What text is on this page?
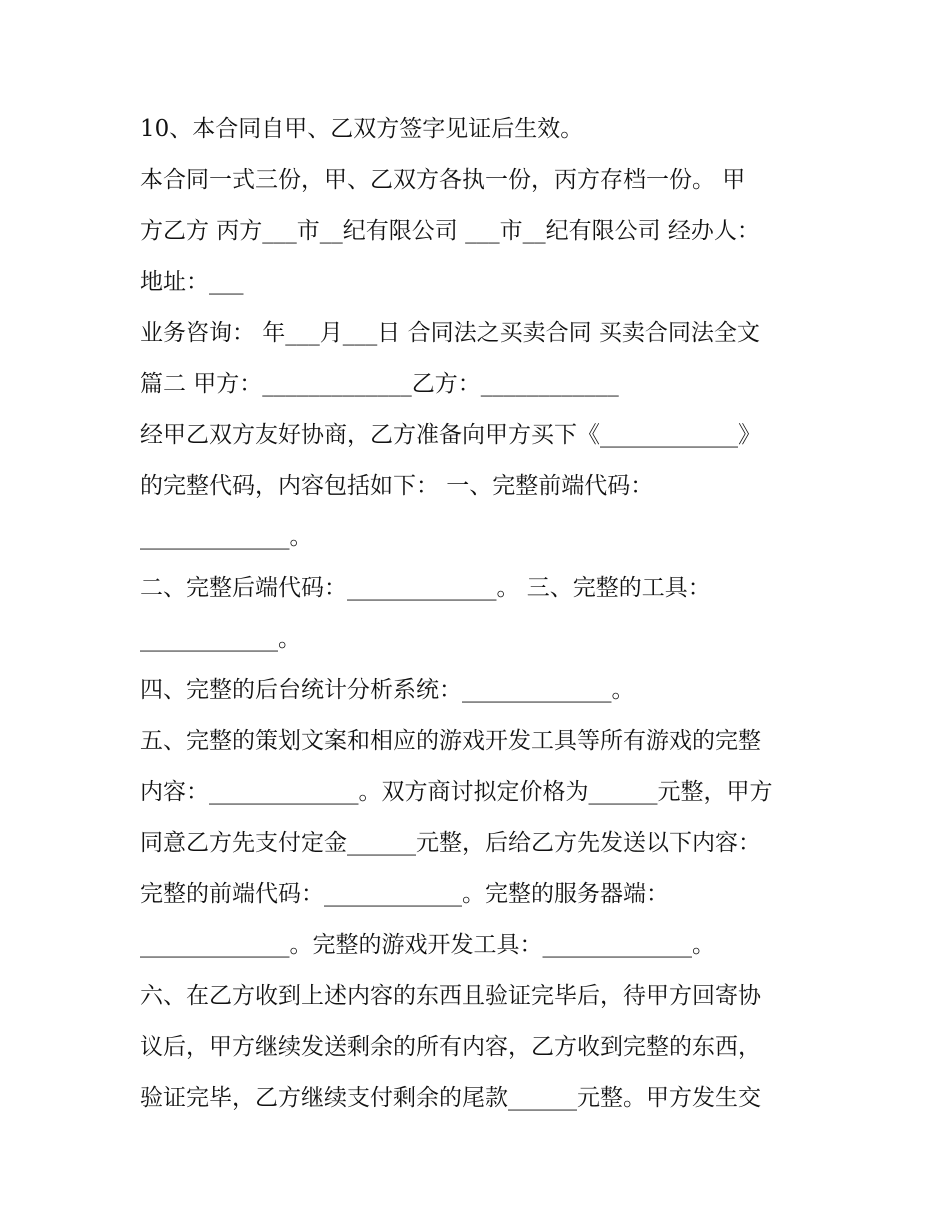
10、本合同自甲、乙双方签字见证后生效。
本合同一式三份，甲、乙双方各执一份，丙方存档一份。 甲
方乙方 丙方___市__纪有限公司 ___市__纪有限公司 经办人：
地址：___
业务咨询： 年___月___日 合同法之买卖合同 买卖合同法全文
篇二 甲方：_____________乙方：____________
经甲乙双方友好协商，乙方准备向甲方买下《____________》
的完整代码，内容包括如下： 一、完整前端代码：
_____________。
二、完整后端代码：_____________。 三、完整的工具：
____________。
四、完整的后台统计分析系统：_____________。
五、完整的策划文案和相应的游戏开发工具等所有游戏的完整
内容：_____________。双方商讨拟定价格为______元整，甲方
同意乙方先支付定金______元整，后给乙方先发送以下内容：
完整的前端代码：____________。完整的服务器端：
_____________。完整的游戏开发工具：_____________。
六、在乙方收到上述内容的东西且验证完毕后，待甲方回寄协
议后，甲方继续发送剩余的所有内容，乙方收到完整的东西，
验证完毕，乙方继续支付剩余的尾款______元整。甲方发生交
